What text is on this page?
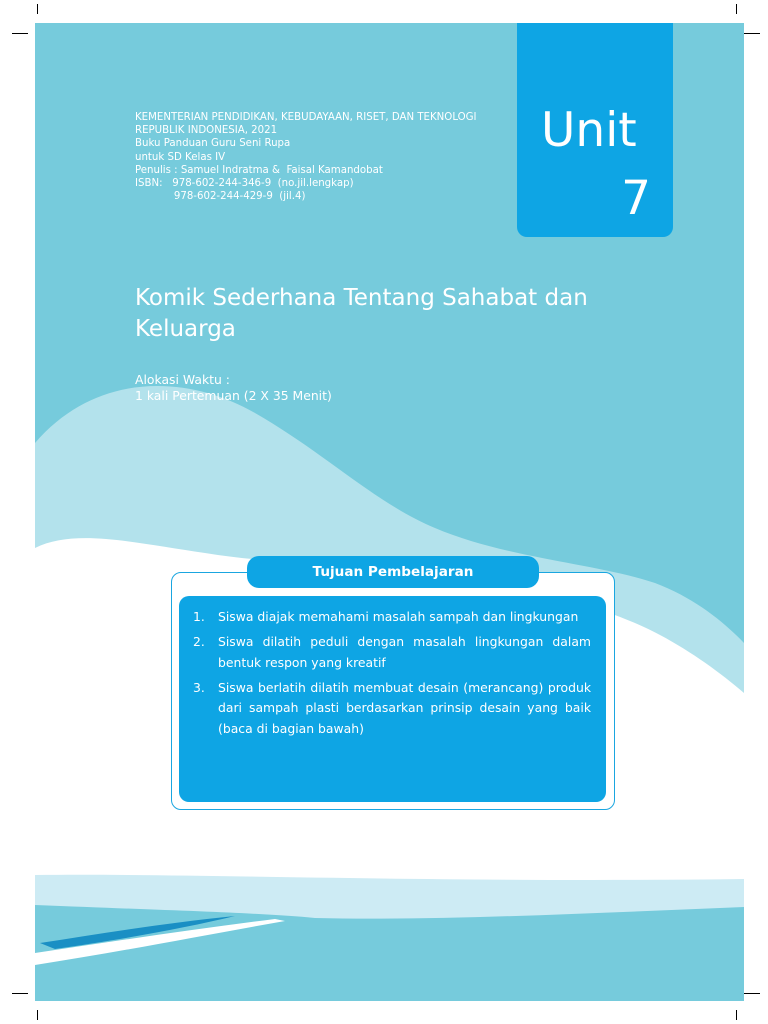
KEMENTERIAN PENDIDIKAN, KEBUDAYAAN, RISET, DAN TEKNOLOGI
REPUBLIK INDONESIA, 2021
Buku Panduan Guru Seni Rupa
untuk SD Kelas IV
Penulis : Samuel Indratma &  Faisal Kamandobat
ISBN:   978-602-244-346-9  (no.jil.lengkap)
978-602-244-429-9  (jil.4)
Unit
7
Komik Sederhana Tentang Sahabat dan Keluarga
Alokasi Waktu :
1 kali Pertemuan (2 X 35 Menit)
Tujuan Pembelajaran
1.	Siswa diajak memahami masalah sampah dan lingkungan
2.	Siswa dilatih peduli dengan masalah lingkungan dalam bentuk respon yang kreatif
3.	Siswa berlatih dilatih membuat desain (merancang) produk dari sampah plasti berdasarkan prinsip desain yang baik (baca di bagian bawah)
